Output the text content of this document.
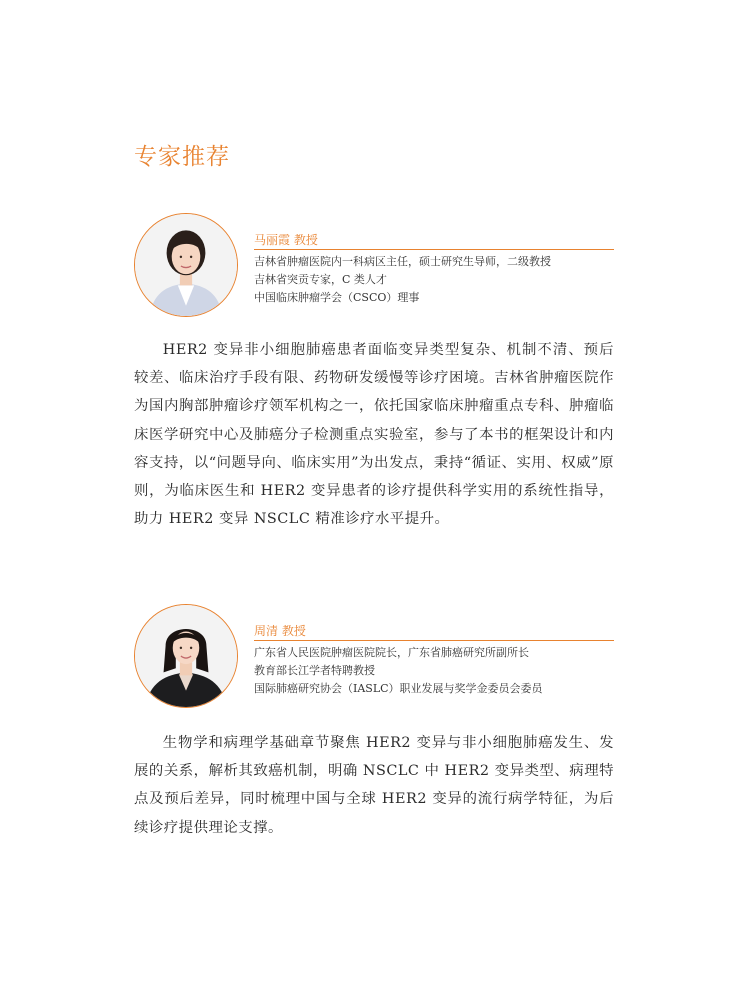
专家推荐
马丽霞 教授
吉林省肿瘤医院内一科病区主任，硕士研究生导师，二级教授
吉林省突贡专家，C 类人才
中国临床肿瘤学会（CSCO）理事

HER2 变异非小细胞肺癌患者面临变异类型复杂、机制不清、预后较差、临床治疗手段有限、药物研发缓慢等诊疗困境。吉林省肿瘤医院作为国内胸部肿瘤诊疗领军机构之一，依托国家临床肿瘤重点专科、肿瘤临床医学研究中心及肺癌分子检测重点实验室，参与了本书的框架设计和内容支持，以“问题导向、临床实用”为出发点，秉持“循证、实用、权威”原则，为临床医生和 HER2 变异患者的诊疗提供科学实用的系统性指导，助力 HER2 变异 NSCLC 精准诊疗水平提升。

周清 教授
广东省人民医院肿瘤医院院长，广东省肺癌研究所副所长
教育部长江学者特聘教授
国际肺癌研究协会（IASLC）职业发展与奖学金委员会委员

生物学和病理学基础章节聚焦 HER2 变异与非小细胞肺癌发生、发展的关系，解析其致癌机制，明确 NSCLC 中 HER2 变异类型、病理特点及预后差异，同时梳理中国与全球 HER2 变异的流行病学特征，为后续诊疗提供理论支撑。
